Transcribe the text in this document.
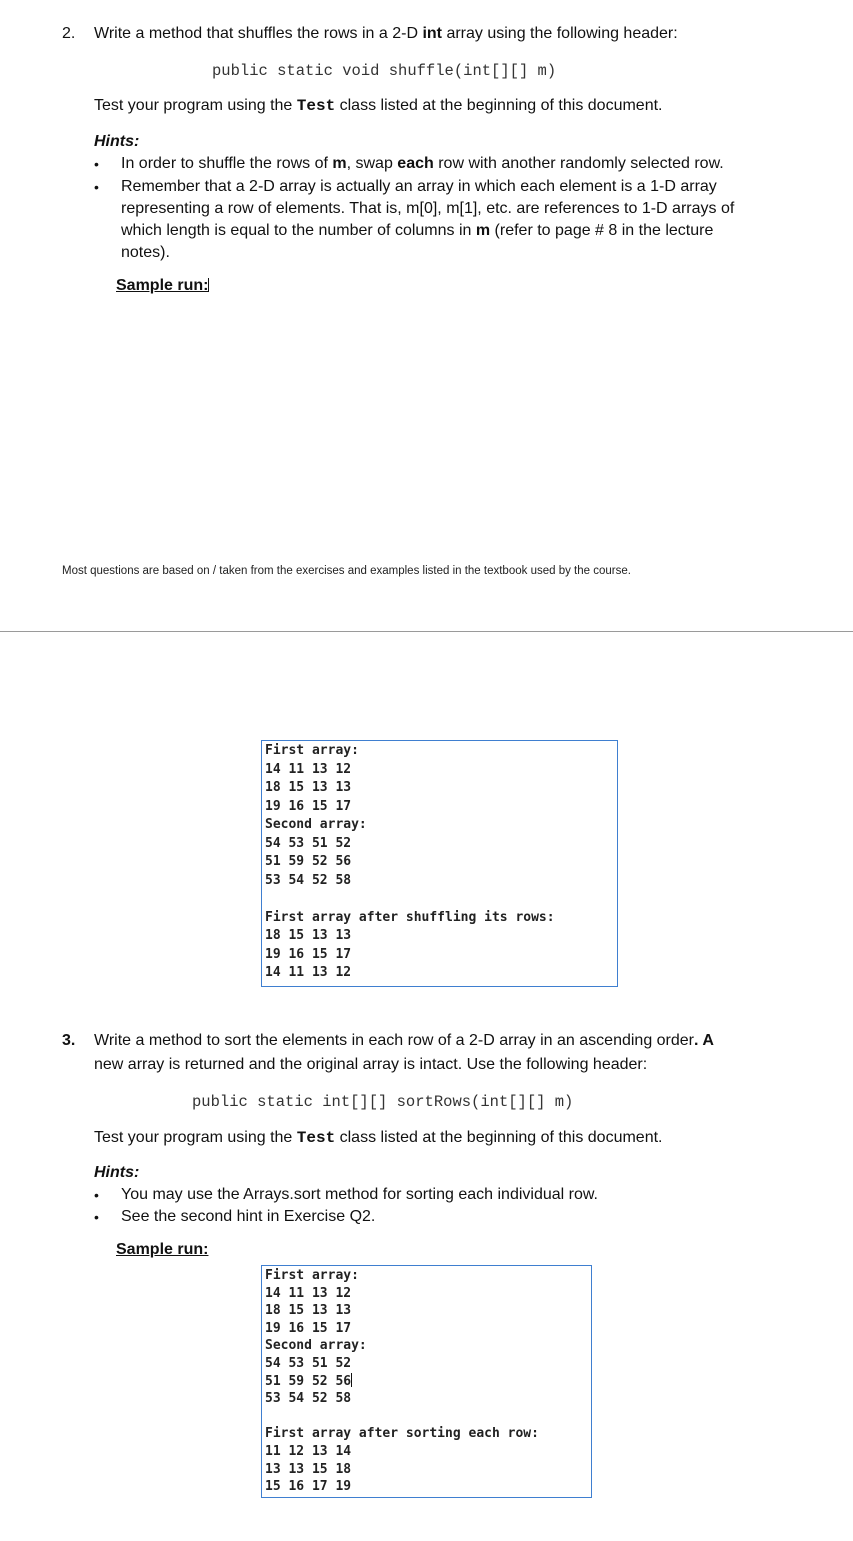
2. Write a method that shuffles the rows in a 2-D int array using the following header:
public static void shuffle(int[][] m)
Test your program using the Test class listed at the beginning of this document.
Hints:
• In order to shuffle the rows of m, swap each row with another randomly selected row.
• Remember that a 2-D array is actually an array in which each element is a 1-D array
representing a row of elements. That is, m[0], m[1], etc. are references to 1-D arrays of
which length is equal to the number of columns in m (refer to page # 8 in the lecture
notes).
Sample run:
Most questions are based on / taken from the exercises and examples listed in the textbook used by the course.
First array:
14 11 13 12
18 15 13 13
19 16 15 17
Second array:
54 53 51 52
51 59 52 56
53 54 52 58
First array after shuffling its rows:
18 15 13 13
19 16 15 17
14 11 13 12
3. Write a method to sort the elements in each row of a 2-D array in an ascending order. A
new array is returned and the original array is intact. Use the following header:
public static int[][] sortRows(int[][] m)
Test your program using the Test class listed at the beginning of this document.
Hints:
• You may use the Arrays.sort method for sorting each individual row.
• See the second hint in Exercise Q2.
Sample run:
First array:
14 11 13 12
18 15 13 13
19 16 15 17
Second array:
54 53 51 52
51 59 52 56
53 54 52 58
First array after sorting each row:
11 12 13 14
13 13 15 18
15 16 17 19
